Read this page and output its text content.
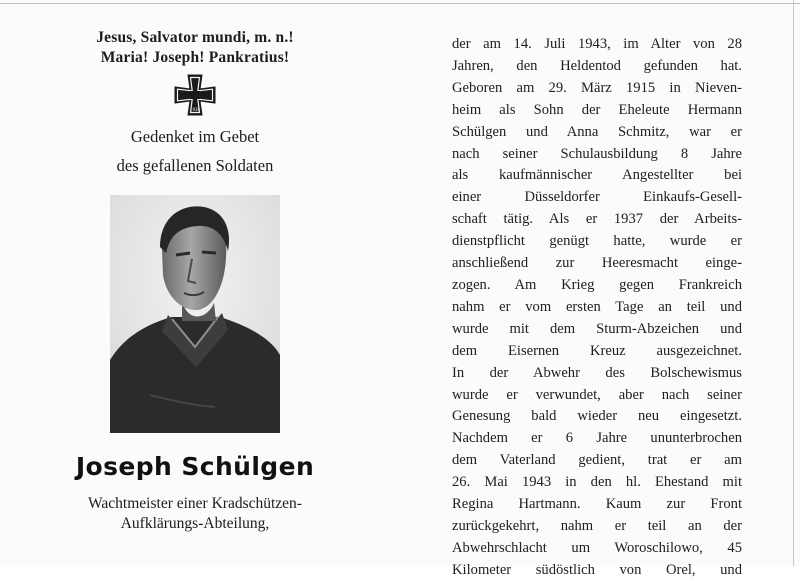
Jesus, Salvator mundi, m. n.!
Maria! Joseph! Pankratius!
1939
Gedenket im Gebet
des gefallenen Soldaten
Joseph Schülgen
Wachtmeister einer Kradschützen-
Aufklärungs-Abteilung,
der am 14. Juli 1943, im Alter von 28
Jahren, den Heldentod gefunden hat.
Geboren am 29. März 1915 in Nieven-
heim als Sohn der Eheleute Hermann
Schülgen und Anna Schmitz, war er
nach seiner Schulausbildung 8 Jahre
als kaufmännischer Angestellter bei
einer Düsseldorfer Einkaufs-Gesell-
schaft tätig. Als er 1937 der Arbeits-
dienstpflicht genügt hatte, wurde er
anschließend zur Heeresmacht einge-
zogen. Am Krieg gegen Frankreich
nahm er vom ersten Tage an teil und
wurde mit dem Sturm-Abzeichen und
dem Eisernen Kreuz ausgezeichnet.
In der Abwehr des Bolschewismus
wurde er verwundet, aber nach seiner
Genesung bald wieder neu eingesetzt.
Nachdem er 6 Jahre ununterbrochen
dem Vaterland gedient, trat er am
26. Mai 1943 in den hl. Ehestand mit
Regina Hartmann. Kaum zur Front
zurückgekehrt, nahm er teil an der
Abwehrschlacht um Woroschilowo, 45
Kilometer südöstlich von Orel, und
